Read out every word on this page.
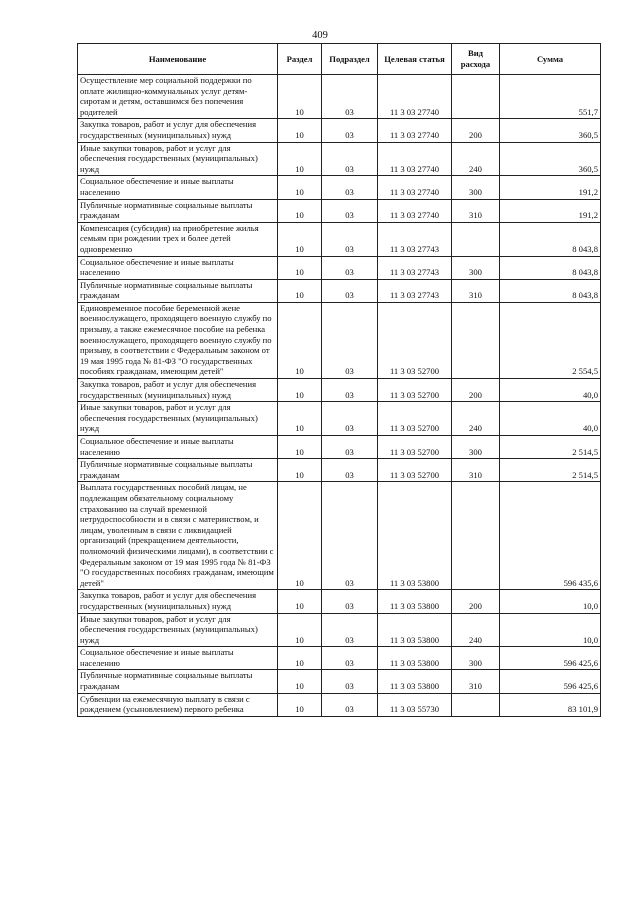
409
Наименование	Раздел	Подраздел	Целевая статья	Вид расхода	Сумма
Осуществление мер социальной поддержки по оплате жилищно-коммунальных услуг детям-сиротам и детям, оставшимся без попечения родителей	10	03	11 3 03 27740		551,7
Закупка товаров, работ и услуг для обеспечения государственных (муниципальных) нужд	10	03	11 3 03 27740	200	360,5
Иные закупки товаров, работ и услуг для обеспечения государственных (муниципальных) нужд	10	03	11 3 03 27740	240	360,5
Социальное обеспечение и иные выплаты населению	10	03	11 3 03 27740	300	191,2
Публичные нормативные социальные выплаты гражданам	10	03	11 3 03 27740	310	191,2
Компенсация (субсидия) на приобретение жилья семьям при рождении трех и более детей одновременно	10	03	11 3 03 27743		8 043,8
Социальное обеспечение и иные выплаты населению	10	03	11 3 03 27743	300	8 043,8
Публичные нормативные социальные выплаты гражданам	10	03	11 3 03 27743	310	8 043,8
Единовременное пособие беременной жене военнослужащего, проходящего военную службу по призыву, а также ежемесячное пособие на ребенка военнослужащего, проходящего военную службу по призыву, в соответствии с Федеральным законом от 19 мая 1995 года № 81-ФЗ "О государственных пособиях гражданам, имеющим детей"	10	03	11 3 03 52700		2 554,5
Закупка товаров, работ и услуг для обеспечения государственных (муниципальных) нужд	10	03	11 3 03 52700	200	40,0
Иные закупки товаров, работ и услуг для обеспечения государственных (муниципальных) нужд	10	03	11 3 03 52700	240	40,0
Социальное обеспечение и иные выплаты населению	10	03	11 3 03 52700	300	2 514,5
Публичные нормативные социальные выплаты гражданам	10	03	11 3 03 52700	310	2 514,5
Выплата государственных пособий лицам, не подлежащим обязательному социальному страхованию на случай временной нетрудоспособности и в связи с материнством, и лицам, уволенным в связи с ликвидацией организаций (прекращением деятельности, полномочий физическими лицами), в соответствии с Федеральным законом от 19 мая 1995 года № 81-ФЗ "О государственных пособиях гражданам, имеющим детей"	10	03	11 3 03 53800		596 435,6
Закупка товаров, работ и услуг для обеспечения государственных (муниципальных) нужд	10	03	11 3 03 53800	200	10,0
Иные закупки товаров, работ и услуг для обеспечения государственных (муниципальных) нужд	10	03	11 3 03 53800	240	10,0
Социальное обеспечение и иные выплаты населению	10	03	11 3 03 53800	300	596 425,6
Публичные нормативные социальные выплаты гражданам	10	03	11 3 03 53800	310	596 425,6
Субвенции на ежемесячную выплату в связи с рождением (усыновлением) первого ребенка	10	03	11 3 03 55730		83 101,9
